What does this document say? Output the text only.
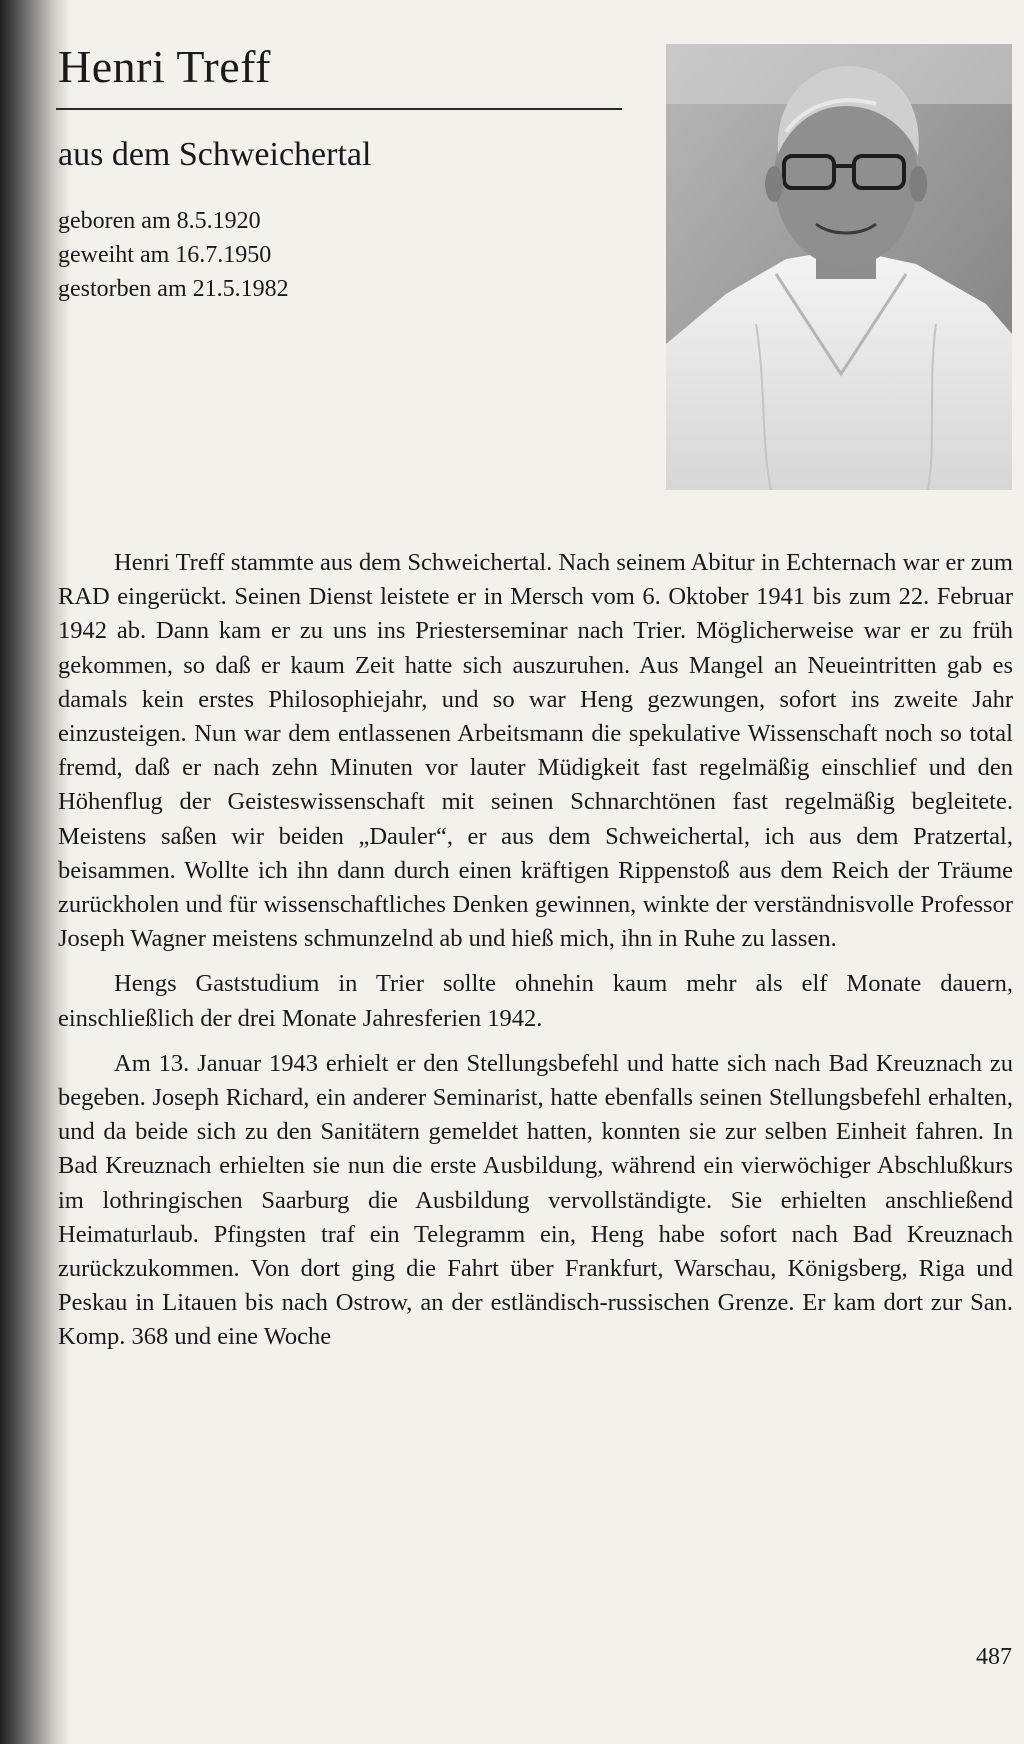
Henri Treff
aus dem Schweichertal
geboren am 8.5.1920
geweiht am 16.7.1950
gestorben am 21.5.1982

Henri Treff stammte aus dem Schweichertal. Nach seinem Abitur in Echternach war er zum RAD eingerückt. Seinen Dienst leistete er in Mersch vom 6. Oktober 1941 bis zum 22. Februar 1942 ab. Dann kam er zu uns ins Priesterseminar nach Trier. Möglicherweise war er zu früh gekommen, so daß er kaum Zeit hatte sich auszuruhen. Aus Mangel an Neueintritten gab es damals kein erstes Philosophiejahr, und so war Heng gezwungen, sofort ins zweite Jahr einzusteigen. Nun war dem entlassenen Arbeitsmann die spekulative Wissenschaft noch so total fremd, daß er nach zehn Minuten vor lauter Müdigkeit fast regelmäßig einschlief und den Höhenflug der Geisteswissenschaft mit seinen Schnarchtönen fast regelmäßig begleitete. Meistens saßen wir beiden „Dauler“, er aus dem Schweichertal, ich aus dem Pratzertal, beisammen. Wollte ich ihn dann durch einen kräftigen Rippenstoß aus dem Reich der Träume zurückholen und für wissenschaftliches Denken gewinnen, winkte der verständnisvolle Professor Joseph Wagner meistens schmunzelnd ab und hieß mich, ihn in Ruhe zu lassen.

Hengs Gaststudium in Trier sollte ohnehin kaum mehr als elf Monate dauern, einschließlich der drei Monate Jahresferien 1942.

Am 13. Januar 1943 erhielt er den Stellungsbefehl und hatte sich nach Bad Kreuznach zu begeben. Joseph Richard, ein anderer Seminarist, hatte ebenfalls seinen Stellungsbefehl erhalten, und da beide sich zu den Sanitätern gemeldet hatten, konnten sie zur selben Einheit fahren. In Bad Kreuznach erhielten sie nun die erste Ausbildung, während ein vierwöchiger Abschlußkurs im lothringischen Saarburg die Ausbildung vervollständigte. Sie erhielten anschließend Heimaturlaub. Pfingsten traf ein Telegramm ein, Heng habe sofort nach Bad Kreuznach zurückzukommen. Von dort ging die Fahrt über Frankfurt, Warschau, Königsberg, Riga und Peskau in Litauen bis nach Ostrow, an der estländisch-russischen Grenze. Er kam dort zur San. Komp. 368 und eine Woche

487
